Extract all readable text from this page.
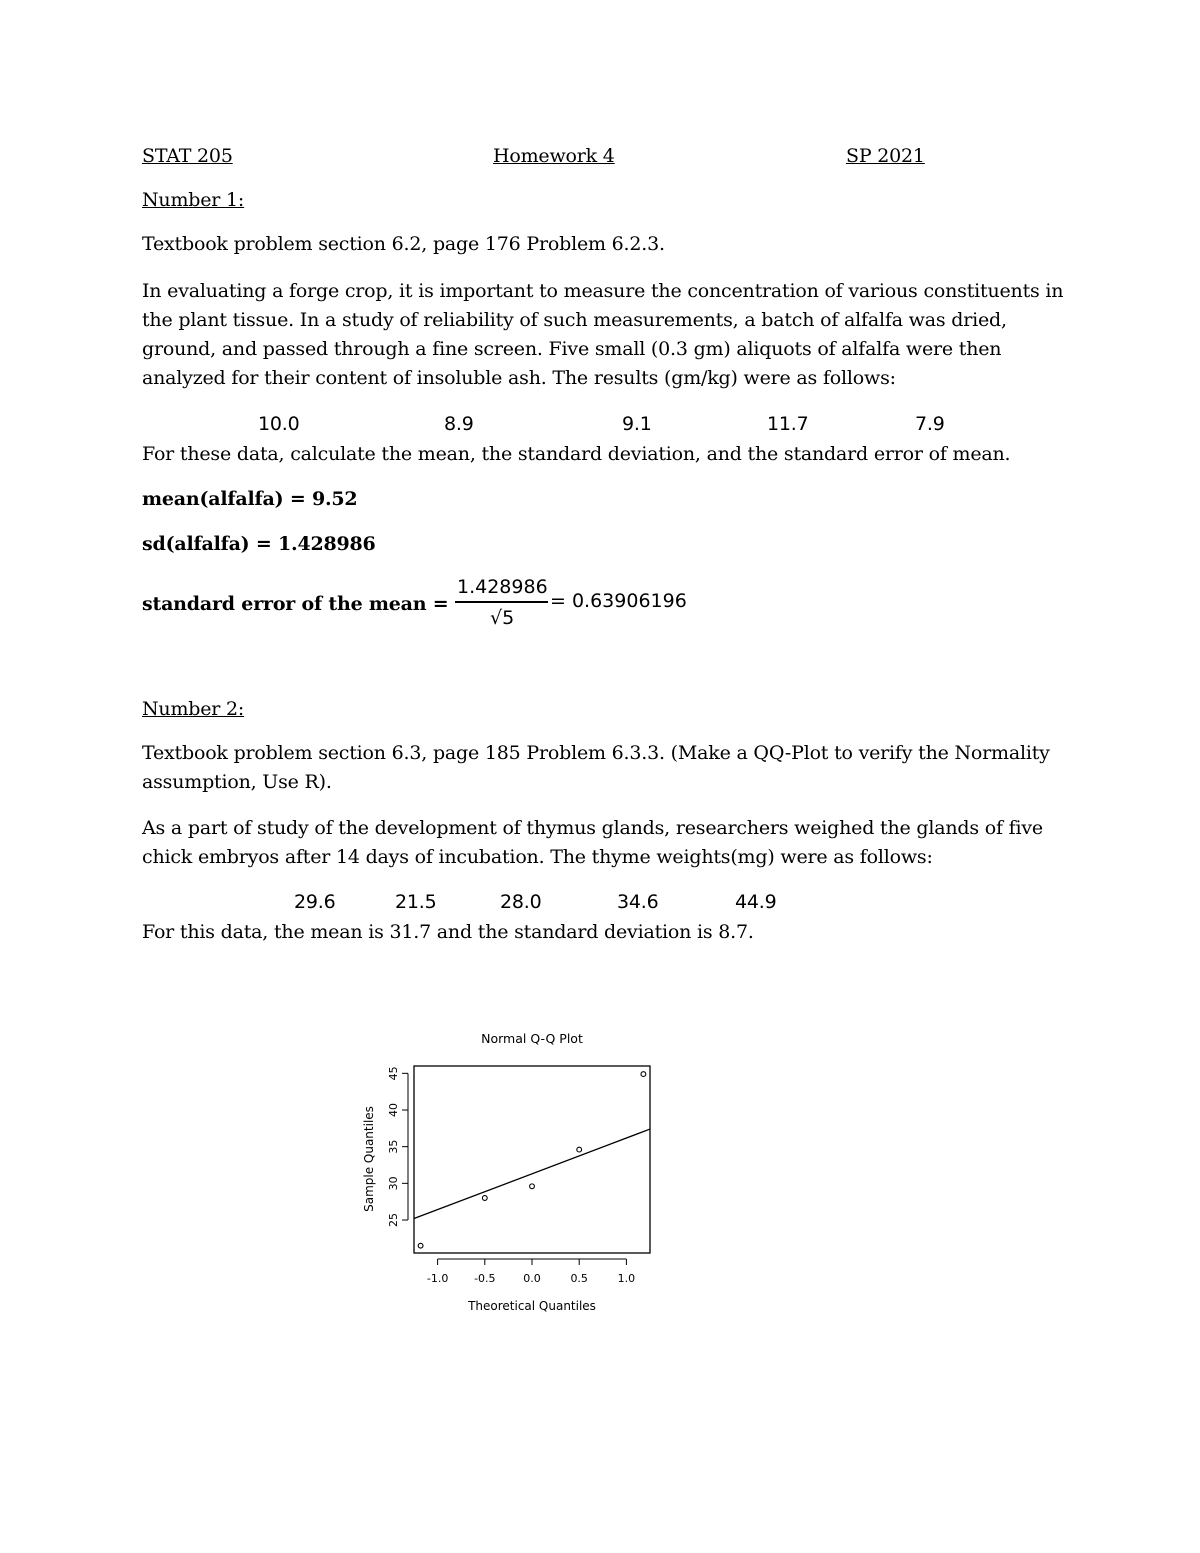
STAT 205	Homework 4	SP 2021
Number 1:
Textbook problem section 6.2, page 176 Problem 6.2.3.
In evaluating a forge crop, it is important to measure the concentration of various constituents in
the plant tissue. In a study of reliability of such measurements, a batch of alfalfa was dried,
ground, and passed through a fine screen. Five small (0.3 gm) aliquots of alfalfa were then
analyzed for their content of insoluble ash. The results (gm/kg) were as follows:
10.0	8.9	9.1	11.7	7.9
For these data, calculate the mean, the standard deviation, and the standard error of mean.
mean(alfalfa) = 9.52
sd(alfalfa) = 1.428986
standard error of the mean =
1.428986
√5
= 0.63906196
Number 2:
Textbook problem section 6.3, page 185 Problem 6.3.3. (Make a QQ-Plot to verify the Normality
assumption, Use R).
As a part of study of the development of thymus glands, researchers weighed the glands of five
chick embryos after 14 days of incubation. The thyme weights(mg) were as follows:
29.6	21.5	28.0	34.6	44.9
For this data, the mean is 31.7 and the standard deviation is 8.7.
Normal Q-Q Plot
25
30
35
40
45
-1.0 -0.5	0.0	0.5	1.0
Theoretical Quantiles
Sample Quantiles
